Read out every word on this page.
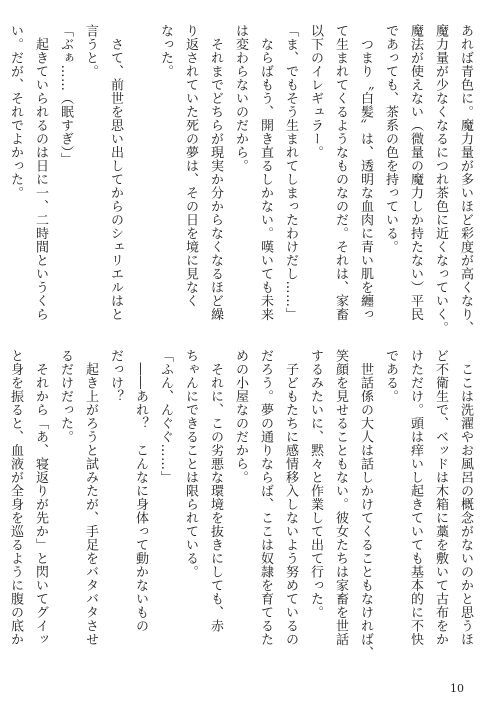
あれば青色に。魔力量が多いほど彩度が高くなり、
魔力量が少なくなるにつれ茶色に近くなっていく。
魔法が使えない（微量の魔力しか持たない）平民
であっても、茶系の色を持っている。
　つまり〝白髪〟は、透明な血肉に青い肌を纏っ
て生まれてくるようなものなのだ。それは、家畜
以下のイレギュラー。
「ま、でもそう生まれてしまったわけだし……」
　ならばもう、開き直るしかない。嘆いても未来
は変わらないのだから。
　それまでどちらが現実か分からなくなるほど繰
り返されていた死の夢は、その日を境に見なく
なった。
　さて、前世を思い出してからのシェリエルはと
言うと。
「ぶぁ……（眠すぎ）」
　起きていられるのは日に一、二時間というくら
い。だが、それでよかった。
　ここは洗濯やお風呂の概念がないのかと思うほ
ど不衛生で、ベッドは木箱に藁を敷いて古布をか
けただけ。頭は痒いし起きていても基本的に不快
である。
　世話係の大人は話しかけてくることもなければ、
笑顔を見せることもない。彼女たちは家畜を世話
するみたいに、黙々と作業して出て行った。
　子どもたちに感情移入しないよう努めているの
だろう。夢の通りならば、ここは奴隷を育てるた
めの小屋なのだから。
　それに、この劣悪な環境を抜きにしても、赤
ちゃんにできることは限られている。
「ふん、んぐぐ……」
　――あれ？　こんなに身体って動かないもの
だっけ？
　起き上がろうと試みたが、手足をバタバタさせ
るだけだった。
　それから「あ、寝返りが先か」と閃いてグイッ
と身を振ると、血液が全身を巡るように腹の底か
10
